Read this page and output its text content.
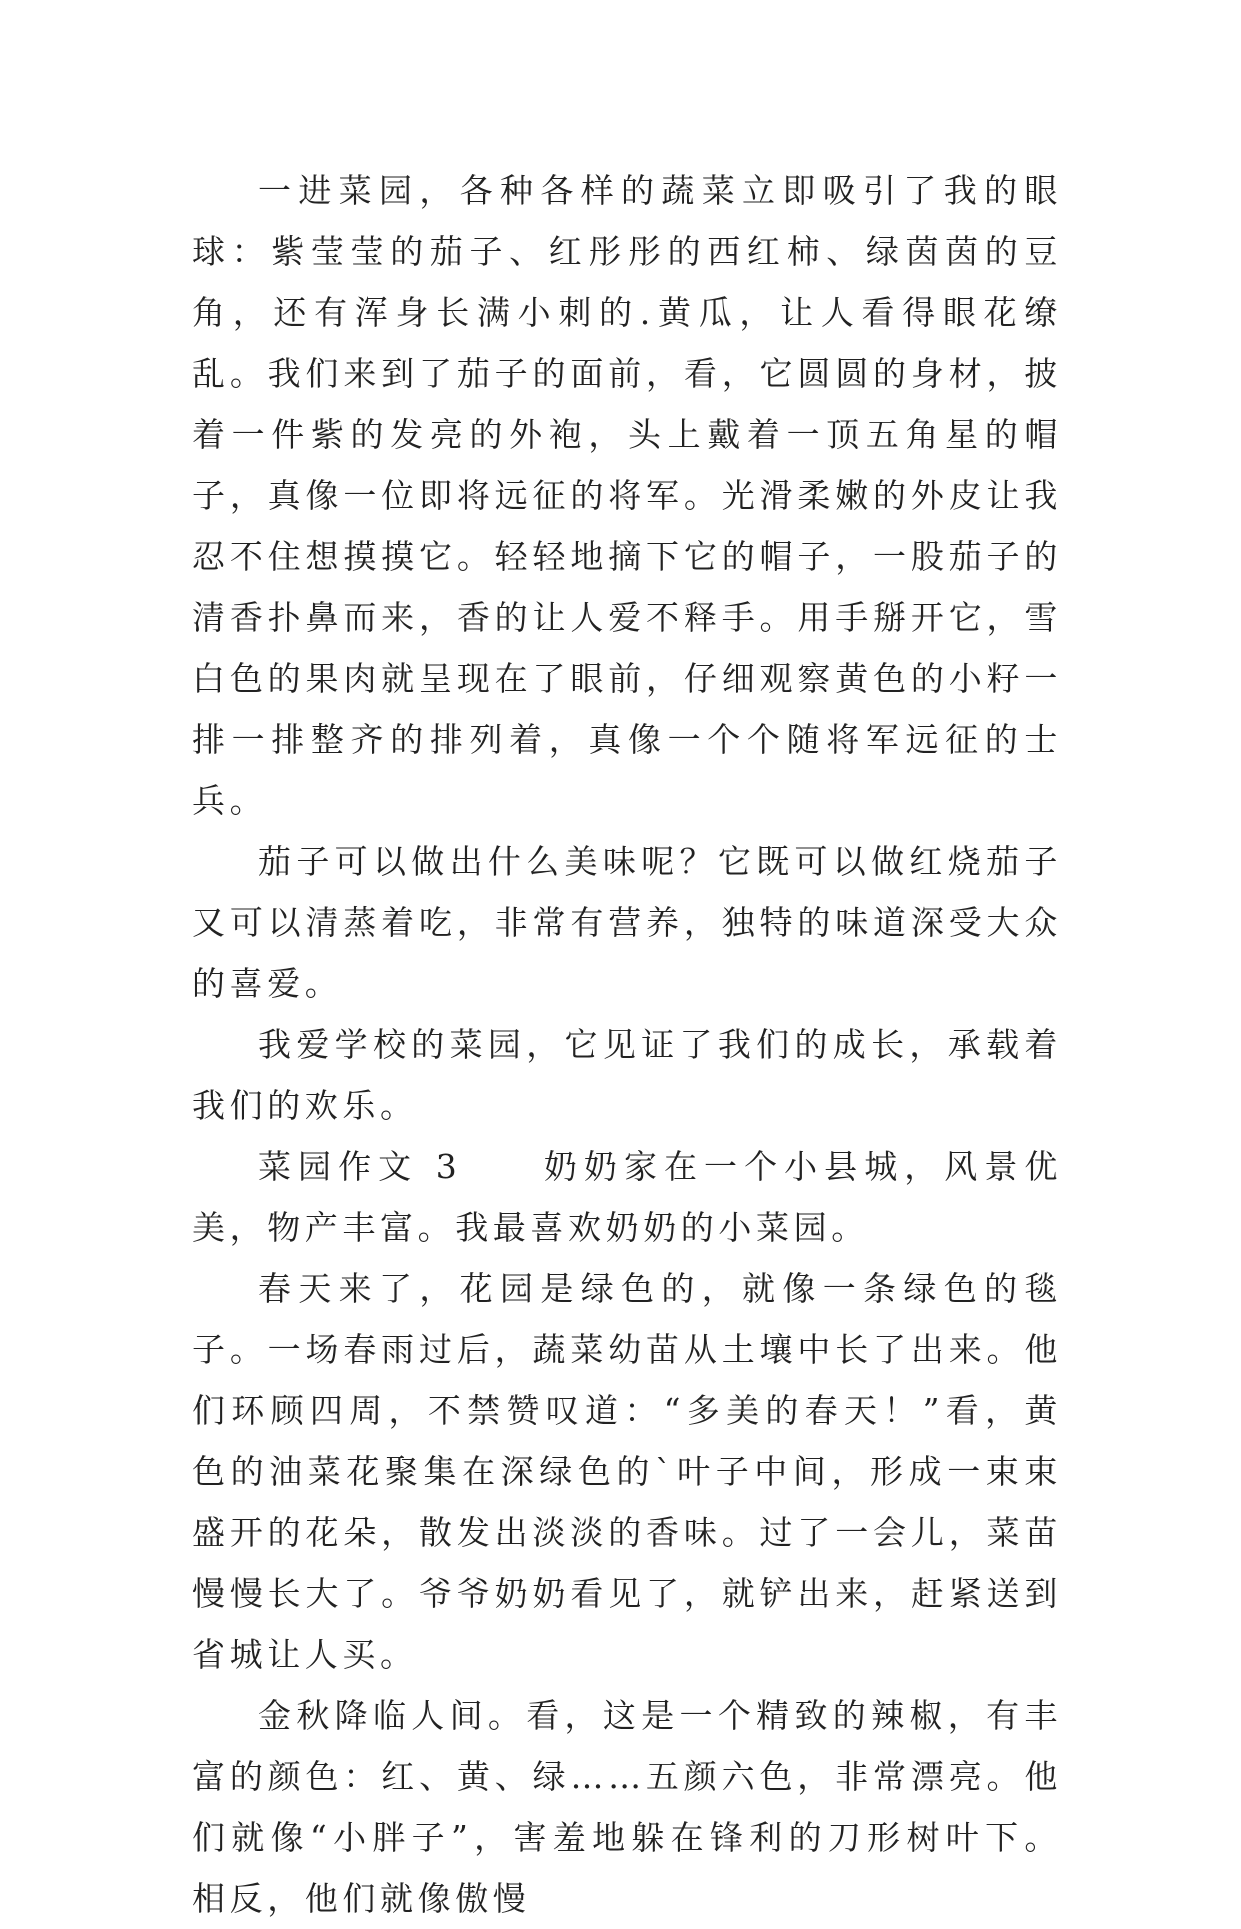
一进菜园，各种各样的蔬菜立即吸引了我的眼球：紫莹莹的茄子、红彤彤的西红柿、绿茵茵的豆角，还有浑身长满小刺的.黄瓜，让人看得眼花缭乱。我们来到了茄子的面前，看，它圆圆的身材，披着一件紫的发亮的外袍，头上戴着一顶五角星的帽子，真像一位即将远征的将军。光滑柔嫩的外皮让我忍不住想摸摸它。轻轻地摘下它的帽子，一股茄子的清香扑鼻而来，香的让人爱不释手。用手掰开它，雪白色的果肉就呈现在了眼前，仔细观察黄色的小籽一排一排整齐的排列着，真像一个个随将军远征的士兵。

茄子可以做出什么美味呢？它既可以做红烧茄子又可以清蒸着吃，非常有营养，独特的味道深受大众的喜爱。

我爱学校的菜园，它见证了我们的成长，承载着我们的欢乐。

菜园作文 3　　奶奶家在一个小县城，风景优美，物产丰富。我最喜欢奶奶的小菜园。

春天来了，花园是绿色的，就像一条绿色的毯子。一场春雨过后，蔬菜幼苗从土壤中长了出来。他们环顾四周，不禁赞叹道：“多美的春天！”看，黄色的油菜花聚集在深绿色的`叶子中间，形成一束束盛开的花朵，散发出淡淡的香味。过了一会儿，菜苗慢慢长大了。爷爷奶奶看见了，就铲出来，赶紧送到省城让人买。

金秋降临人间。看，这是一个精致的辣椒，有丰富的颜色：红、黄、绿……五颜六色，非常漂亮。他们就像“小胖子”，害羞地躲在锋利的刀形树叶下。相反，他们就像傲慢
